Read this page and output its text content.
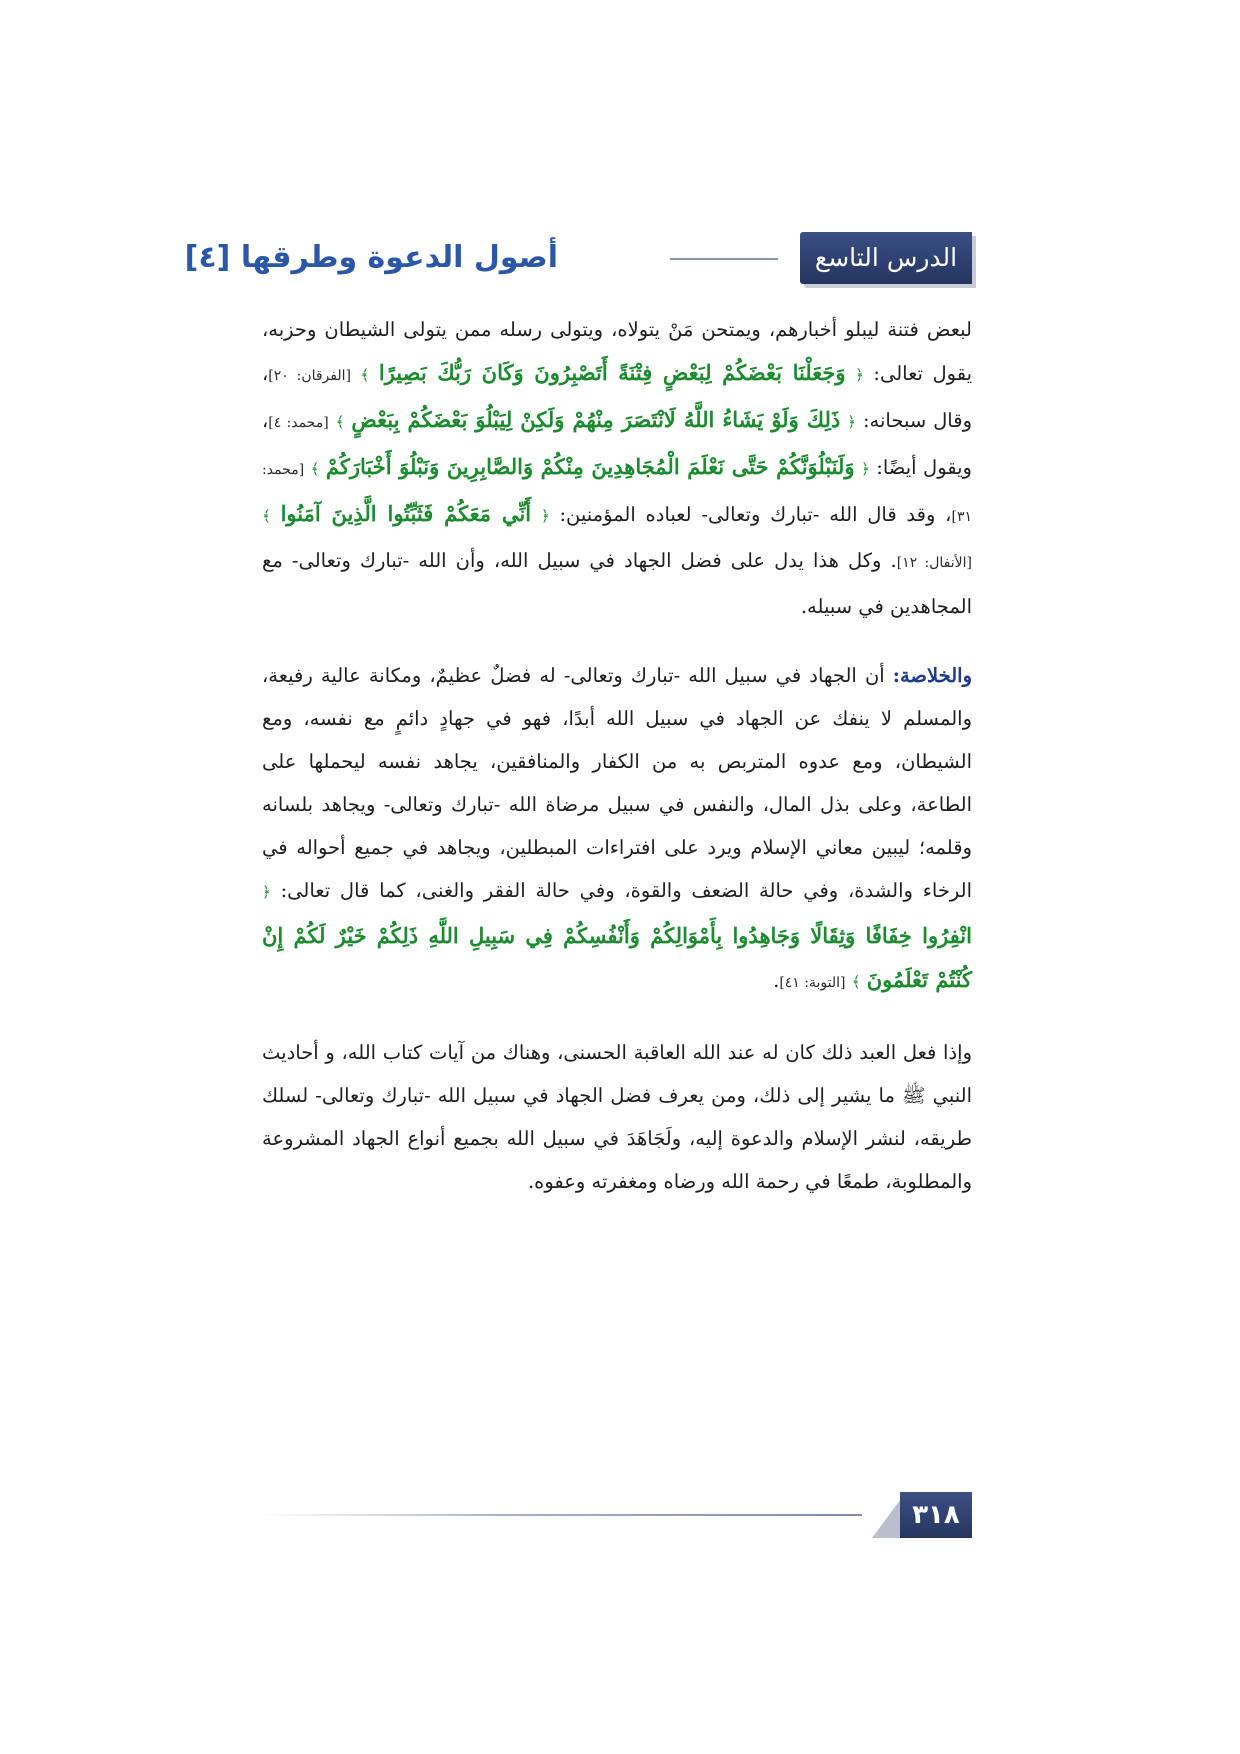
الدرس التاسع
أصول الدعوة وطرقها [٤]

لبعض فتنة ليبلو أخبارهم، ويمتحن مَنْ يتولاه، ويتولى رسله ممن يتولى الشيطان وحزبه، يقول تعالى: ﴿ وَجَعَلْنَا بَعْضَكُمْ لِبَعْضٍ فِتْنَةً أَتَصْبِرُونَ وَكَانَ رَبُّكَ بَصِيرًا ﴾ [الفرقان: ٢٠]، وقال سبحانه: ﴿ ذَلِكَ وَلَوْ يَشَاءُ اللَّهُ لَانْتَصَرَ مِنْهُمْ وَلَكِنْ لِيَبْلُوَ بَعْضَكُمْ بِبَعْضٍ ﴾ [محمد: ٤]، ويقول أيضًا: ﴿ وَلَنَبْلُوَنَّكُمْ حَتَّى نَعْلَمَ الْمُجَاهِدِينَ مِنْكُمْ وَالصَّابِرِينَ وَنَبْلُوَ أَخْبَارَكُمْ ﴾ [محمد: ٣١]، وقد قال الله -تبارك وتعالى- لعباده المؤمنين: ﴿ أَنِّي مَعَكُمْ فَثَبِّتُوا الَّذِينَ آمَنُوا ﴾ [الأنفال: ١٢]. وكل هذا يدل على فضل الجهاد في سبيل الله، وأن الله -تبارك وتعالى- مع المجاهدين في سبيله.

والخلاصة: أن الجهاد في سبيل الله -تبارك وتعالى- له فضلٌ عظيمٌ، ومكانة عالية رفيعة، والمسلم لا ينفك عن الجهاد في سبيل الله أبدًا، فهو في جهادٍ دائمٍ مع نفسه، ومع الشيطان، ومع عدوه المتربص به من الكفار والمنافقين، يجاهد نفسه ليحملها على الطاعة، وعلى بذل المال، والنفس في سبيل مرضاة الله -تبارك وتعالى- ويجاهد بلسانه وقلمه؛ ليبين معاني الإسلام ويرد على افتراءات المبطلين، ويجاهد في جميع أحواله في الرخاء والشدة، وفي حالة الضعف والقوة، وفي حالة الفقر والغنى، كما قال تعالى: ﴿ انْفِرُوا خِفَافًا وَثِقَالًا وَجَاهِدُوا بِأَمْوَالِكُمْ وَأَنْفُسِكُمْ فِي سَبِيلِ اللَّهِ ذَلِكُمْ خَيْرٌ لَكُمْ إِنْ كُنْتُمْ تَعْلَمُونَ ﴾ [التوبة: ٤١].

وإذا فعل العبد ذلك كان له عند الله العاقبة الحسنى، وهناك من آيات كتاب الله، و أحاديث النبي ﷺ ما يشير إلى ذلك، ومن يعرف فضل الجهاد في سبيل الله -تبارك وتعالى- لسلك طريقه، لنشر الإسلام والدعوة إليه، ولَجَاهَدَ في سبيل الله بجميع أنواع الجهاد المشروعة والمطلوبة، طمعًا في رحمة الله ورضاه ومغفرته وعفوه.

٣١٨
